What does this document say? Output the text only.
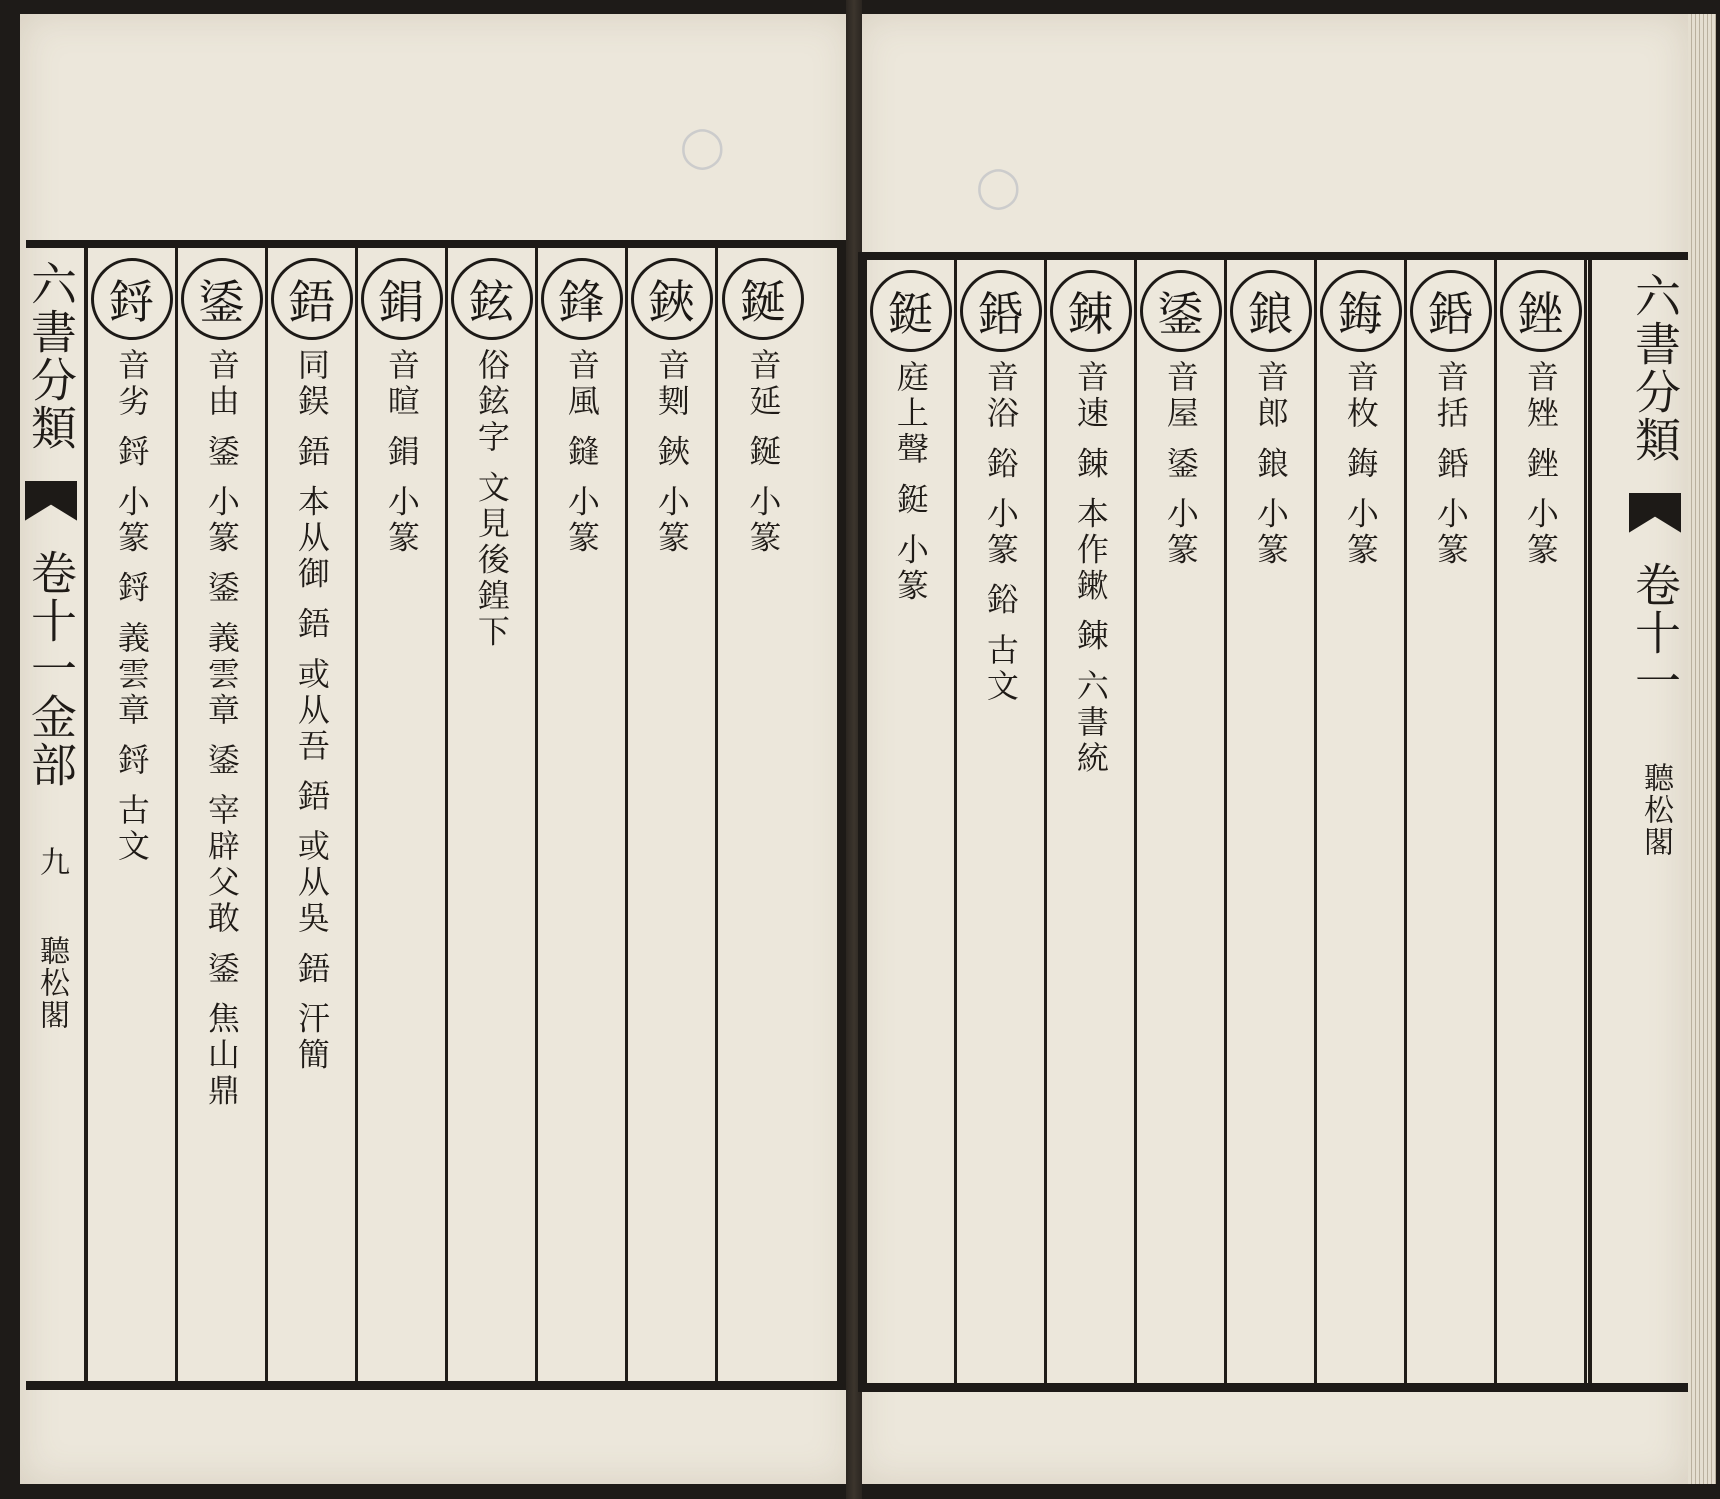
◯
◯
六書分類  卷十一金部 九 聽松閣
鋝
音劣 鋝 小篆 鋝 義雲章 鋝 古文
鋈
音由 鋈 小篆 鋈 義雲章 鋈 宰辟父敢 鋈 焦山鼎
鋙
同鋘 鋙 本从御 鋙 或从吾 鋙 或从吳 鋙 汗簡
鋗
音暄 鋗 小篆
鉉
俗鉉字 文見後鍠下
鋒
音風 鏠 小篆
鋏
音㓶 鋏 小篆
鋋
音延 鋋 小篆
鋌
庭上聲 鋌 小篆
銽
音浴 鋊 小篆 鋊 古文
鋉
音速 鋉 本作鏉 鋉 六書統
鋈
音屋 鋈 小篆
鋃
音郎 鋃 小篆
鋂
音枚 鋂 小篆
銽
音括 銽 小篆
銼
音矬 銼 小篆	六書分類  卷十一 聽松閣
